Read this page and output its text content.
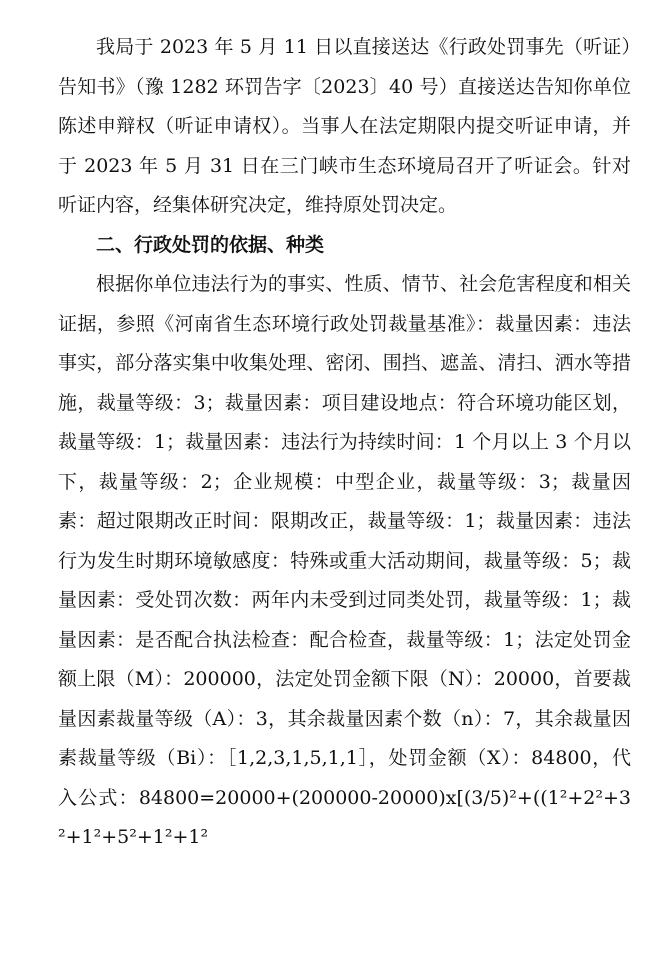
我局于 2023 年 5 月 11 日以直接送达《行政处罚事先（听证）告知书》（豫 1282 环罚告字〔2023〕40 号）直接送达告知你单位陈述申辩权（听证申请权）。当事人在法定期限内提交听证申请，并于 2023 年 5 月 31 日在三门峡市生态环境局召开了听证会。针对听证内容，经集体研究决定，维持原处罚决定。

二、行政处罚的依据、种类

根据你单位违法行为的事实、性质、情节、社会危害程度和相关证据，参照《河南省生态环境行政处罚裁量基准》：裁量因素：违法事实，部分落实集中收集处理、密闭、围挡、遮盖、清扫、洒水等措施，裁量等级：3；裁量因素：项目建设地点：符合环境功能区划，裁量等级：1；裁量因素：违法行为持续时间：1 个月以上 3 个月以下，裁量等级：2；企业规模：中型企业，裁量等级：3；裁量因素：超过限期改正时间：限期改正，裁量等级：1；裁量因素：违法行为发生时期环境敏感度：特殊或重大活动期间，裁量等级：5；裁量因素：受处罚次数：两年内未受到过同类处罚，裁量等级：1；裁量因素：是否配合执法检查：配合检查，裁量等级：1；法定处罚金额上限（M）：200000，法定处罚金额下限（N）：20000，首要裁量因素裁量等级（A）：3，其余裁量因素个数（n）：7，其余裁量因素裁量等级（Bi）：［1,2,3,1,5,1,1］，处罚金额（X）：84800，代入公式：84800=20000+(200000-20000)x[(3/5)²+((1²+2²+3²+1²+5²+1²+1²
